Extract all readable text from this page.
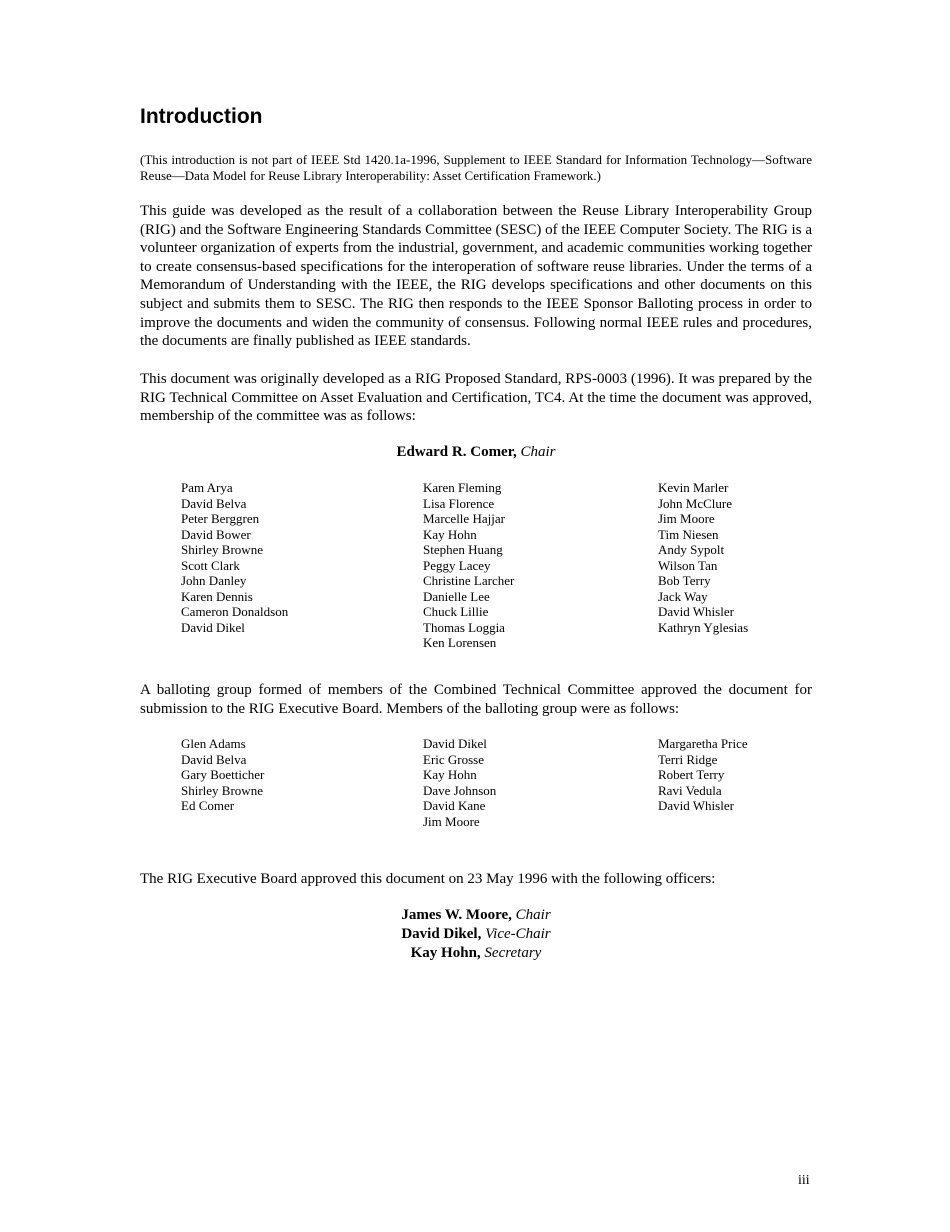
Introduction

(This introduction is not part of IEEE Std 1420.1a-1996, Supplement to IEEE Standard for Information Technology—Software Reuse—Data Model for Reuse Library Interoperability: Asset Certification Framework.)

This guide was developed as the result of a collaboration between the Reuse Library Interoperability Group (RIG) and the Software Engineering Standards Committee (SESC) of the IEEE Computer Society. The RIG is a volunteer organization of experts from the industrial, government, and academic communities working together to create consensus-based specifications for the interoperation of software reuse libraries. Under the terms of a Memorandum of Understanding with the IEEE, the RIG develops specifications and other documents on this subject and submits them to SESC. The RIG then responds to the IEEE Sponsor Balloting process in order to improve the documents and widen the community of consensus. Following normal IEEE rules and procedures, the documents are finally published as IEEE standards.

This document was originally developed as a RIG Proposed Standard, RPS-0003 (1996). It was prepared by the RIG Technical Committee on Asset Evaluation and Certification, TC4. At the time the document was approved, membership of the committee was as follows:

Edward R. Comer, Chair
Pam Arya
David Belva
Peter Berggren
David Bower
Shirley Browne
Scott Clark
John Danley
Karen Dennis
Cameron Donaldson
David Dikel
Karen Fleming
Lisa Florence
Marcelle Hajjar
Kay Hohn
Stephen Huang
Peggy Lacey
Christine Larcher
Danielle Lee
Chuck Lillie
Thomas Loggia
Ken Lorensen
Kevin Marler
John McClure
Jim Moore
Tim Niesen
Andy Sypolt
Wilson Tan
Bob Terry
Jack Way
David Whisler
Kathryn Yglesias

A balloting group formed of members of the Combined Technical Committee approved the document for submission to the RIG Executive Board. Members of the balloting group were as follows:

Glen Adams
David Belva
Gary Boetticher
Shirley Browne
Ed Comer
David Dikel
Eric Grosse
Kay Hohn
Dave Johnson
David Kane
Jim Moore
Margaretha Price
Terri Ridge
Robert Terry
Ravi Vedula
David Whisler

The RIG Executive Board approved this document on 23 May 1996 with the following officers:

James W. Moore, Chair
David Dikel, Vice-Chair
Kay Hohn, Secretary
iii
